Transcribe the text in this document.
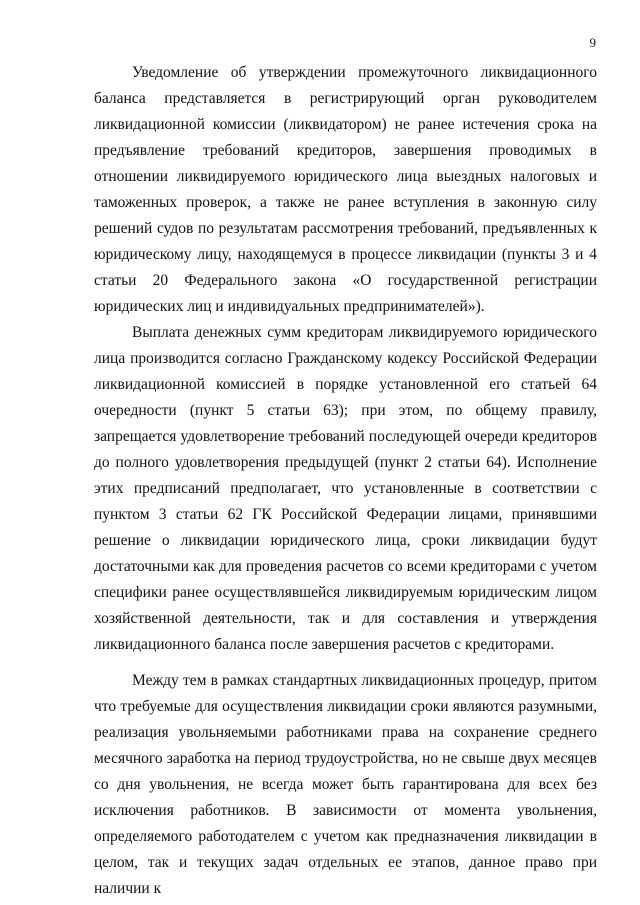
9

Уведомление об утверждении промежуточного ликвидационного баланса представляется в регистрирующий орган руководителем ликвидационной комиссии (ликвидатором) не ранее истечения срока на предъявление требований кредиторов, завершения проводимых в отношении ликвидируемого юридического лица выездных налоговых и таможенных проверок, а также не ранее вступления в законную силу решений судов по результатам рассмотрения требований, предъявленных к юридическому лицу, находящемуся в процессе ликвидации (пункты 3 и 4 статьи 20 Федерального закона «О государственной регистрации юридических лиц и индивидуальных предпринимателей»).

Выплата денежных сумм кредиторам ликвидируемого юридического лица производится согласно Гражданскому кодексу Российской Федерации ликвидационной комиссией в порядке установленной его статьей 64 очередности (пункт 5 статьи 63); при этом, по общему правилу, запрещается удовлетворение требований последующей очереди кредиторов до полного удовлетворения предыдущей (пункт 2 статьи 64). Исполнение этих предписаний предполагает, что установленные в соответствии с пунктом 3 статьи 62 ГК Российской Федерации лицами, принявшими решение о ликвидации юридического лица, сроки ликвидации будут достаточными как для проведения расчетов со всеми кредиторами с учетом специфики ранее осуществлявшейся ликвидируемым юридическим лицом хозяйственной деятельности, так и для составления и утверждения ликвидационного баланса после завершения расчетов с кредиторами.

Между тем в рамках стандартных ликвидационных процедур, притом что требуемые для осуществления ликвидации сроки являются разумными, реализация увольняемыми работниками права на сохранение среднего месячного заработка на период трудоустройства, но не свыше двух месяцев со дня увольнения, не всегда может быть гарантирована для всех без исключения работников. В зависимости от момента увольнения, определяемого работодателем с учетом как предназначения ликвидации в целом, так и текущих задач отдельных ее этапов, данное право при наличии к
